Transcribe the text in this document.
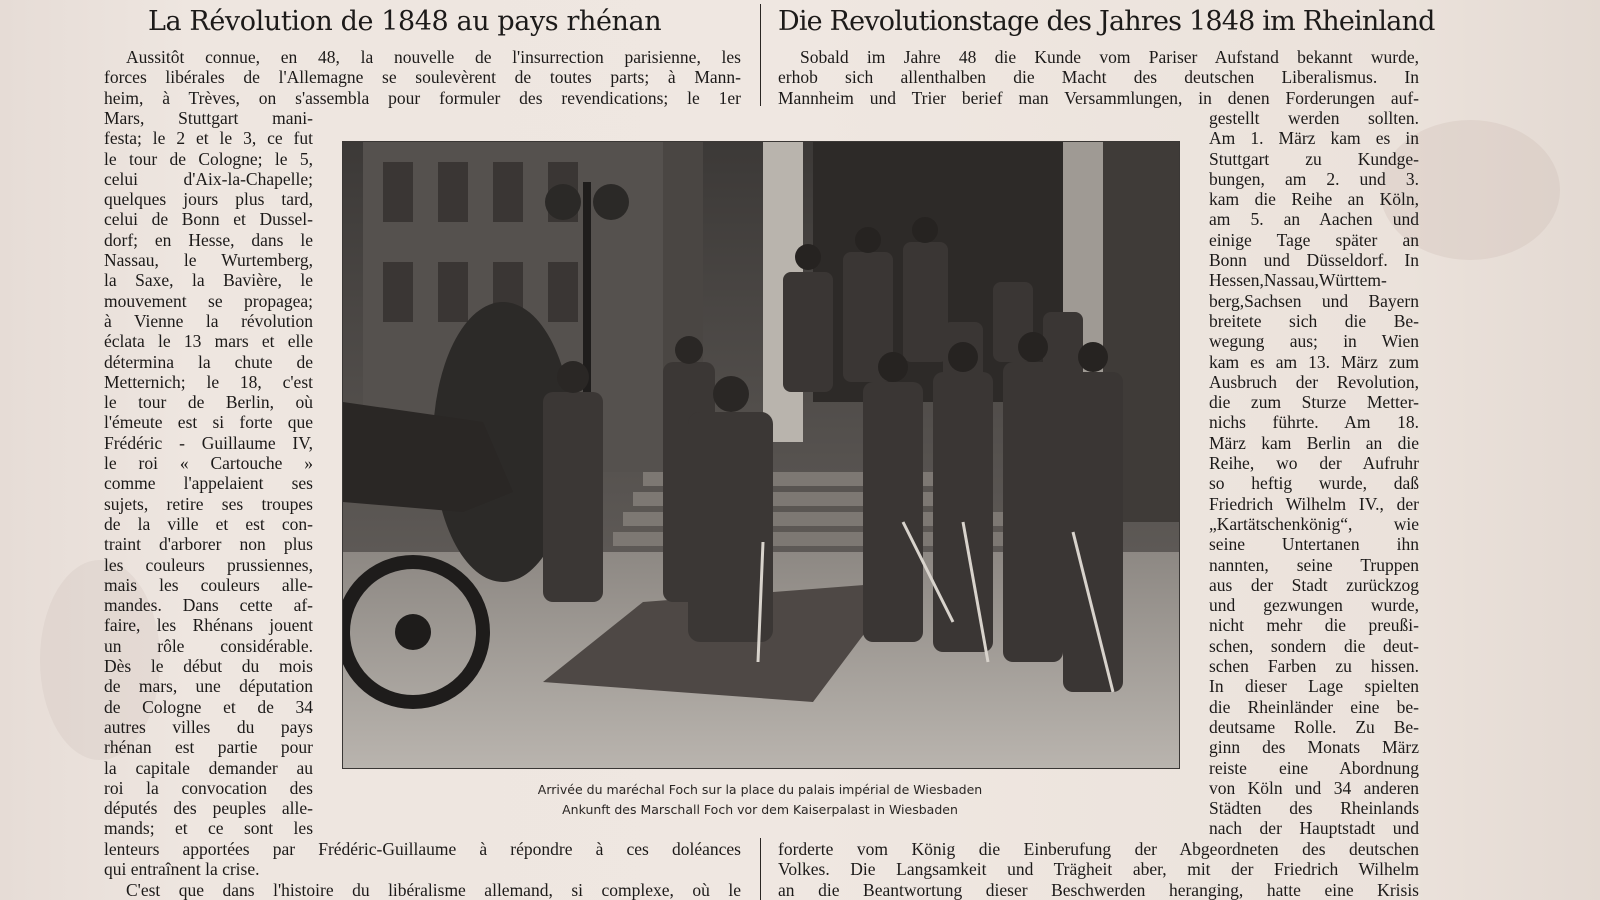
La Révolution de 1848 au pays rhénan	Die Revolutionstage des Jahres 1848 im Rheinland
Aussitôt connue, en 48, la nouvelle de l'insurrection parisienne, les
forces libérales de l'Allemagne se soulevèrent de toutes parts; à Mann-
heim, à Trèves, on s'assembla pour formuler des revendications; le 1er
Sobald im Jahre 48 die Kunde vom Pariser Aufstand bekannt wurde,
erhob sich allenthalben die Macht des deutschen Liberalismus. In
Mannheim und Trier berief man Versammlungen, in denen Forderungen auf-
Mars, Stuttgart mani-
festa; le 2 et le 3, ce fut
le tour de Cologne; le 5,
celui d'Aix-la-Chapelle;
quelques jours plus tard,
celui de Bonn et Dussel-
dorf; en Hesse, dans le
Nassau, le Wurtemberg,
la Saxe, la Bavière, le
mouvement se propagea;
à Vienne la révolution
éclata le 13 mars et elle
détermina la chute de
Metternich; le 18, c'est
le tour de Berlin, où
l'émeute est si forte que
Frédéric - Guillaume IV,
le roi « Cartouche »
comme l'appelaient ses
sujets, retire ses troupes
de la ville et est con-
traint d'arborer non plus
les couleurs prussiennes,
mais les couleurs alle-
mandes. Dans cette af-
faire, les Rhénans jouent
un rôle considérable.
Dès le début du mois
de mars, une députation
de Cologne et de 34
autres villes du pays
rhénan est partie pour
la capitale demander au
roi la convocation des
députés des peuples alle-
mands; et ce sont les
gestellt werden sollten.
Am 1. März kam es in
Stuttgart zu Kundge-
bungen, am 2. und 3.
kam die Reihe an Köln,
am 5. an Aachen und
einige Tage später an
Bonn und Düsseldorf. In
Hessen,Nassau,Württem-
berg,Sachsen und Bayern
breitete sich die Be-
wegung aus; in Wien
kam es am 13. März zum
Ausbruch der Revolution,
die zum Sturze Metter-
nichs führte. Am 18.
März kam Berlin an die
Reihe, wo der Aufruhr
so heftig wurde, daß
Friedrich Wilhelm IV., der
„Kartätschenkönig“, wie
seine Untertanen ihn
nannten, seine Truppen
aus der Stadt zurückzog
und gezwungen wurde,
nicht mehr die preußi-
schen, sondern die deut-
schen Farben zu hissen.
In dieser Lage spielten
die Rheinländer eine be-
deutsame Rolle. Zu Be-
ginn des Monats März
reiste eine Abordnung
von Köln und 34 anderen
Städten des Rheinlands
nach der Hauptstadt und
Arrivée du maréchal Foch sur la place du palais impérial de Wiesbaden
Ankunft des Marschall Foch vor dem Kaiserpalast in Wiesbaden
lenteurs apportées par Frédéric-Guillaume à répondre à ces doléances
qui entraînent la crise.
C'est que dans l'histoire du libéralisme allemand, si complexe, où le
forderte vom König die Einberufung der Abgeordneten des deutschen
Volkes. Die Langsamkeit und Trägheit aber, mit der Friedrich Wilhelm
an die Beantwortung dieser Beschwerden heranging, hatte eine Krisis
